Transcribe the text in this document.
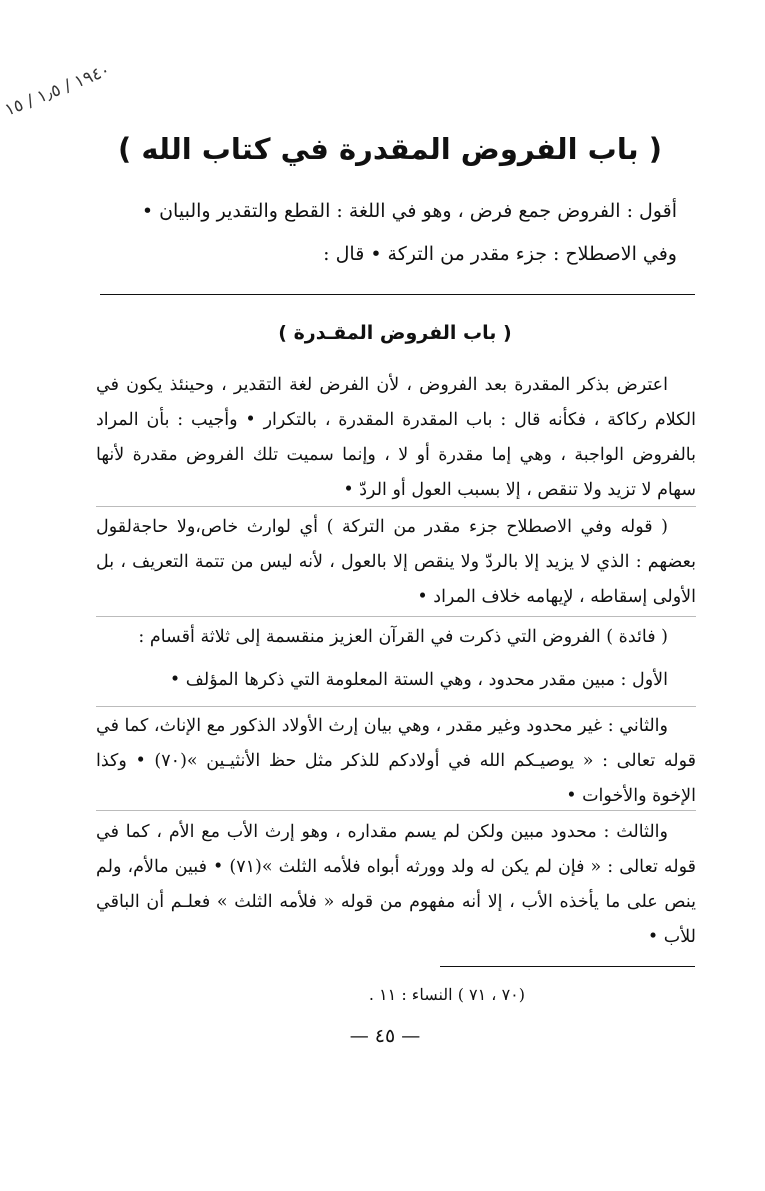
١٩٤٠ / ١٫٥ / ١٥
( باب الفروض المقدرة في كتاب الله )
أقول : الفروض جمع فرض ، وهو في اللغة : القطع والتقدير والبيان •
وفي الاصطلاح : جزء مقدر من التركة • قال :
( باب الفروض المقـدرة )

اعترض بذكر المقدرة بعد الفروض ، لأن الفرض لغة التقدير ، وحينئذ يكون في الكلام ركاكة ، فكأنه قال : باب المقدرة المقدرة ، بالتكرار • وأجيب : بأن المراد بالفروض الواجبة ، وهي إما مقدرة أو لا ، وإنما سميت تلك الفروض مقدرة لأنها سهام لا تزيد ولا تنقص ، إلا بسبب العول أو الردّ •

( قوله وفي الاصطلاح جزء مقدر من التركة ) أي لوارث خاص،ولا حاجةلقول بعضهم : الذي لا يزيد إلا بالردّ ولا ينقص إلا بالعول ، لأنه ليس من تتمة التعريف ، بل الأولى إسقاطه ، لإيهامه خلاف المراد •

( فائدة ) الفروض التي ذكرت في القرآن العزيز منقسمة إلى ثلاثة أقسام :

الأول : مبين مقدر محدود ، وهي الستة المعلومة التي ذكرها المؤلف •

والثاني : غير محدود وغير مقدر ، وهي بيان إرث الأولاد الذكور مع الإناث، كما في قوله تعالى : « يوصيـكم الله في أولادكم للذكر مثل حظ الأنثيـين »(٧٠) • وكذا الإخوة والأخوات •

والثالث : محدود مبين ولكن لم يسم مقداره ، وهو إرث الأب مع الأم ، كما في قوله تعالى : « فإن لم يكن له ولد وورثه أبواه فلأمه الثلث »(٧١) • فبين مالأم، ولم ينص على ما يأخذه الأب ، إلا أنه مفهوم من قوله « فلأمه الثلث » فعلـم أن الباقي للأب •

(٧٠ ، ٧١ ) النساء : ١١ .
— ٤٥ —
